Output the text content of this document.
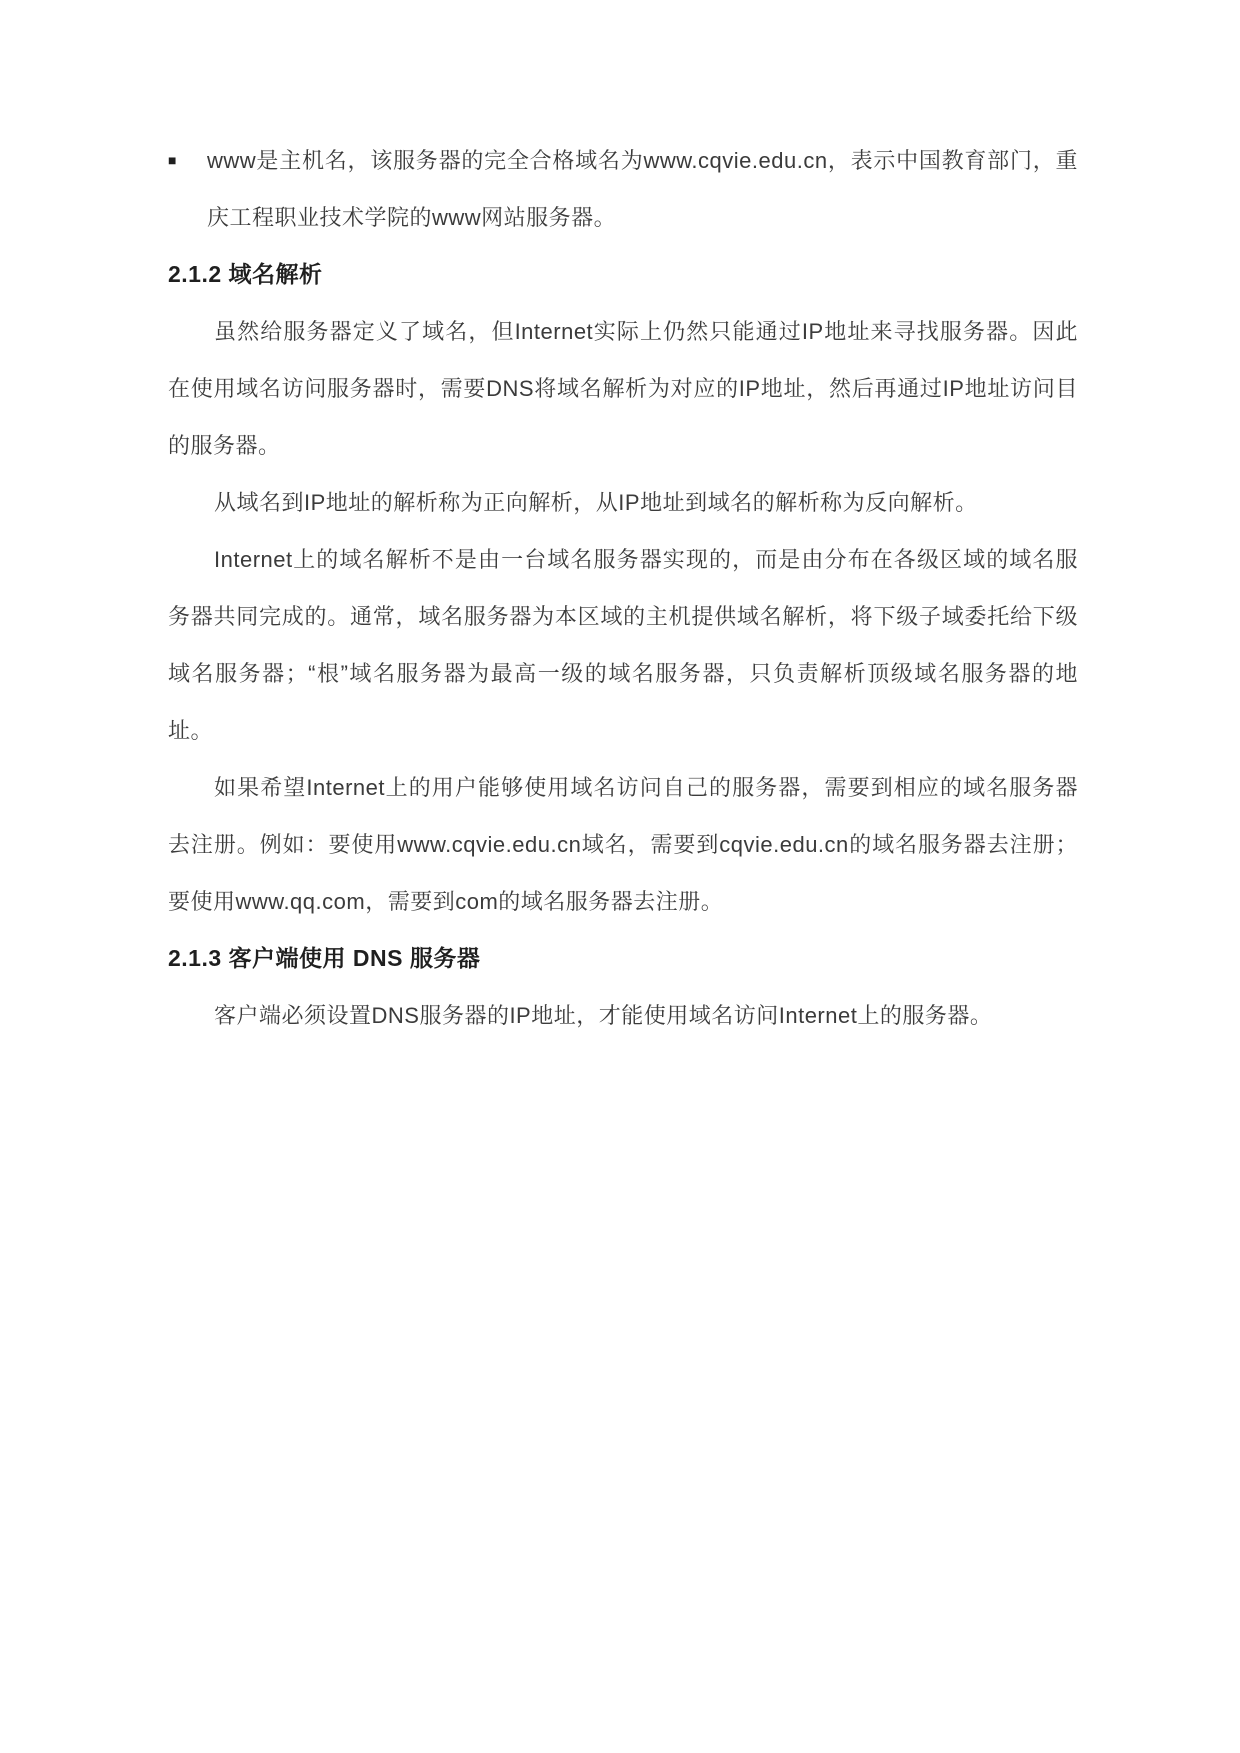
■	www是主机名，该服务器的完全合格域名为www.cqvie.edu.cn，表示中国教育部门，重庆工程职业技术学院的www网站服务器。
2.1.2 域名解析

虽然给服务器定义了域名，但Internet实际上仍然只能通过IP地址来寻找服务器。因此在使用域名访问服务器时，需要DNS将域名解析为对应的IP地址，然后再通过IP地址访问目的服务器。

从域名到IP地址的解析称为正向解析，从IP地址到域名的解析称为反向解析。

Internet上的域名解析不是由一台域名服务器实现的，而是由分布在各级区域的域名服务器共同完成的。通常，域名服务器为本区域的主机提供域名解析，将下级子域委托给下级域名服务器；“根”域名服务器为最高一级的域名服务器，只负责解析顶级域名服务器的地址。

如果希望Internet上的用户能够使用域名访问自己的服务器，需要到相应的域名服务器去注册。例如：要使用www.cqvie.edu.cn域名，需要到cqvie.edu.cn的域名服务器去注册；要使用www.qq.com，需要到com的域名服务器去注册。

2.1.3 客户端使用 DNS 服务器

客户端必须设置DNS服务器的IP地址，才能使用域名访问Internet上的服务器。
